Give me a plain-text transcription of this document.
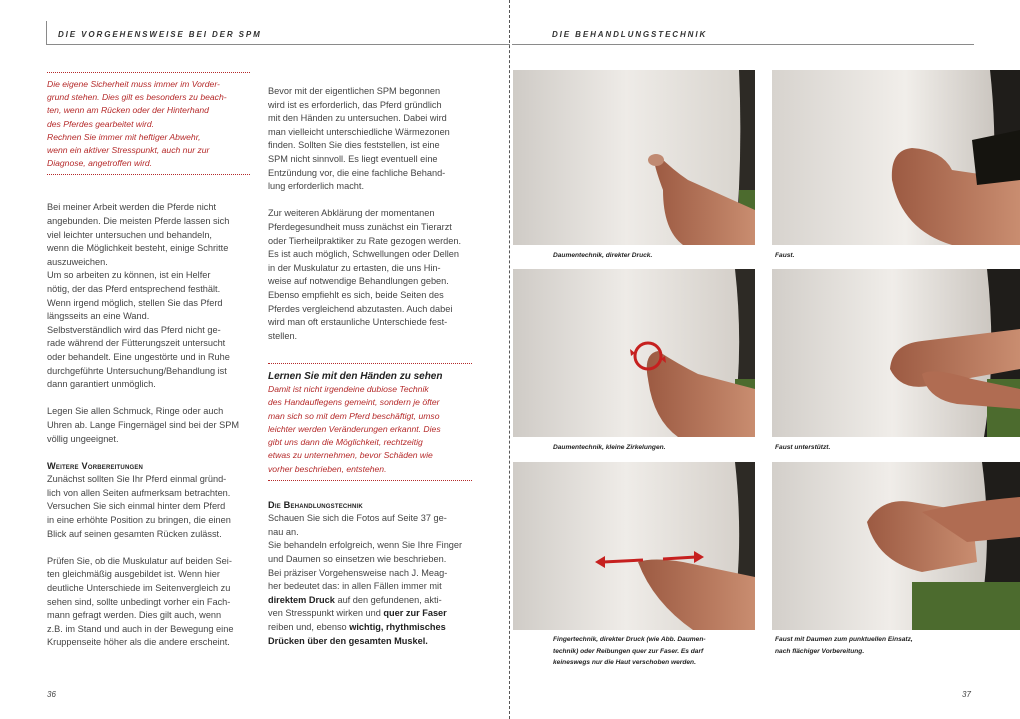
DIE VORGEHENSWEISE BEI DER SPM	DIE BEHANDLUNGSTECHNIK
Die eigene Sicherheit muss immer im Vorder-
grund stehen. Dies gilt es besonders zu beach-
ten, wenn am Rücken oder der Hinterhand
des Pferdes gearbeitet wird.
Rechnen Sie immer mit heftiger Abwehr,
wenn ein aktiver Stresspunkt, auch nur zur
Diagnose, angetroffen wird.
Bei meiner Arbeit werden die Pferde nicht
angebunden. Die meisten Pferde lassen sich
viel leichter untersuchen und behandeln,
wenn die Möglichkeit besteht, einige Schritte
auszuweichen.
Um so arbeiten zu können, ist ein Helfer
nötig, der das Pferd entsprechend festhält.
Wenn irgend möglich, stellen Sie das Pferd
längsseits an eine Wand.
Selbstverständlich wird das Pferd nicht ge-
rade während der Fütterungszeit untersucht
oder behandelt. Eine ungestörte und in Ruhe
durchgeführte Untersuchung/Behandlung ist
dann garantiert unmöglich.
Legen Sie allen Schmuck, Ringe oder auch
Uhren ab. Lange Fingernägel sind bei der SPM
völlig ungeeignet.
Weitere Vorbereitungen
Zunächst sollten Sie Ihr Pferd einmal gründ-
lich von allen Seiten aufmerksam betrachten.
Versuchen Sie sich einmal hinter dem Pferd
in eine erhöhte Position zu bringen, die einen
Blick auf seinen gesamten Rücken zulässt.
Prüfen Sie, ob die Muskulatur auf beiden Sei-
ten gleichmäßig ausgebildet ist. Wenn hier
deutliche Unterschiede im Seitenvergleich zu
sehen sind, sollte unbedingt vorher ein Fach-
mann gefragt werden. Dies gilt auch, wenn
z.B. im Stand und auch in der Bewegung eine
Kruppenseite höher als die andere erscheint.
Bevor mit der eigentlichen SPM begonnen
wird ist es erforderlich, das Pferd gründlich
mit den Händen zu untersuchen. Dabei wird
man vielleicht unterschiedliche Wärmezonen
finden. Sollten Sie dies feststellen, ist eine
SPM nicht sinnvoll. Es liegt eventuell eine
Entzündung vor, die eine fachliche Behand-
lung erforderlich macht.
Zur weiteren Abklärung der momentanen
Pferdegesundheit muss zunächst ein Tierarzt
oder Tierheilpraktiker zu Rate gezogen werden.
Es ist auch möglich, Schwellungen oder Dellen
in der Muskulatur zu ertasten, die uns Hin-
weise auf notwendige Behandlungen geben.
Ebenso empfiehlt es sich, beide Seiten des
Pferdes vergleichend abzutasten. Auch dabei
wird man oft erstaunliche Unterschiede fest-
stellen.
Lernen Sie mit den Händen zu sehen
Damit ist nicht irgendeine dubiose Technik
des Handauflegens gemeint, sondern je öfter
man sich so mit dem Pferd beschäftigt, umso
leichter werden Veränderungen erkannt. Dies
gibt uns dann die Möglichkeit, rechtzeitig
etwas zu unternehmen, bevor Schäden wie
vorher beschrieben, entstehen.
Die Behandlungstechnik
Schauen Sie sich die Fotos auf Seite 37 ge-
nau an.
Sie behandeln erfolgreich, wenn Sie Ihre Finger
und Daumen so einsetzen wie beschrieben.
Bei präziser Vorgehensweise nach J. Meag-
her bedeutet das: in allen Fällen immer mit
direktem Druck auf den gefundenen, akti-
ven Stresspunkt wirken und quer zur Faser
reiben und, ebenso wichtig, rhythmisches
Drücken über den gesamten Muskel.
36
Daumentechnik, direkter Druck.	Faust.
Daumentechnik, kleine Zirkelungen.	Faust unterstützt.
Fingertechnik, direkter Druck (wie Abb. Daumen-
technik) oder Reibungen quer zur Faser. Es darf
keineswegs nur die Haut verschoben werden.
Faust mit Daumen zum punktuellen Einsatz,
nach flächiger Vorbereitung.
37
